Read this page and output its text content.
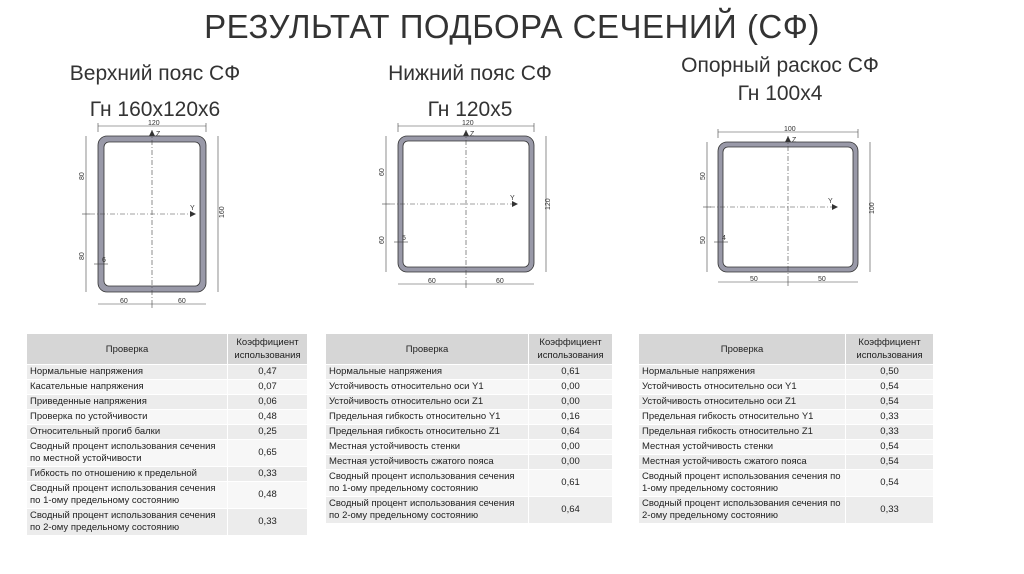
РЕЗУЛЬТАТ ПОДБОРА СЕЧЕНИЙ (СФ)
Верхний пояс СФ
Гн 160х120х6
Нижний пояс СФ
Гн 120х5
Опорный раскос СФ
Гн 100х4
120
Z
Y
80
80
160
60	60
6
120
Z
Y
60
60
120
60	60
5
100
Z
Y
50
50
100
50	50
4
Проверка	Коэффициент использования
Нормальные напряжения	0,47
Касательные напряжения	0,07
Приведенные напряжения	0,06
Проверка по устойчивости	0,48
Относительный прогиб балки	0,25
Сводный процент использования сечения по местной устойчивости	0,65
Гибкость по отношению к предельной	0,33
Сводный процент использования сечения по 1-ому предельному состоянию	0,48
Сводный процент использования сечения по 2-ому предельному состоянию	0,33
Проверка	Коэффициент использования
Нормальные напряжения	0,61
Устойчивость относительно оси Y1	0,00
Устойчивость относительно оси Z1	0,00
Предельная гибкость относительно Y1	0,16
Предельная гибкость относительно Z1	0,64
Местная устойчивость стенки	0,00
Местная устойчивость сжатого пояса	0,00
Сводный процент использования сечения по 1-ому предельному состоянию	0,61
Сводный процент использования сечения по 2-ому предельному состоянию	0,64
Проверка	Коэффициент использования
Нормальные напряжения	0,50
Устойчивость относительно оси Y1	0,54
Устойчивость относительно оси Z1	0,54
Предельная гибкость относительно Y1	0,33
Предельная гибкость относительно Z1	0,33
Местная устойчивость стенки	0,54
Местная устойчивость сжатого пояса	0,54
Сводный процент использования сечения по 1-ому предельному состоянию	0,54
Сводный процент использования сечения по 2-ому предельному состоянию	0,33
